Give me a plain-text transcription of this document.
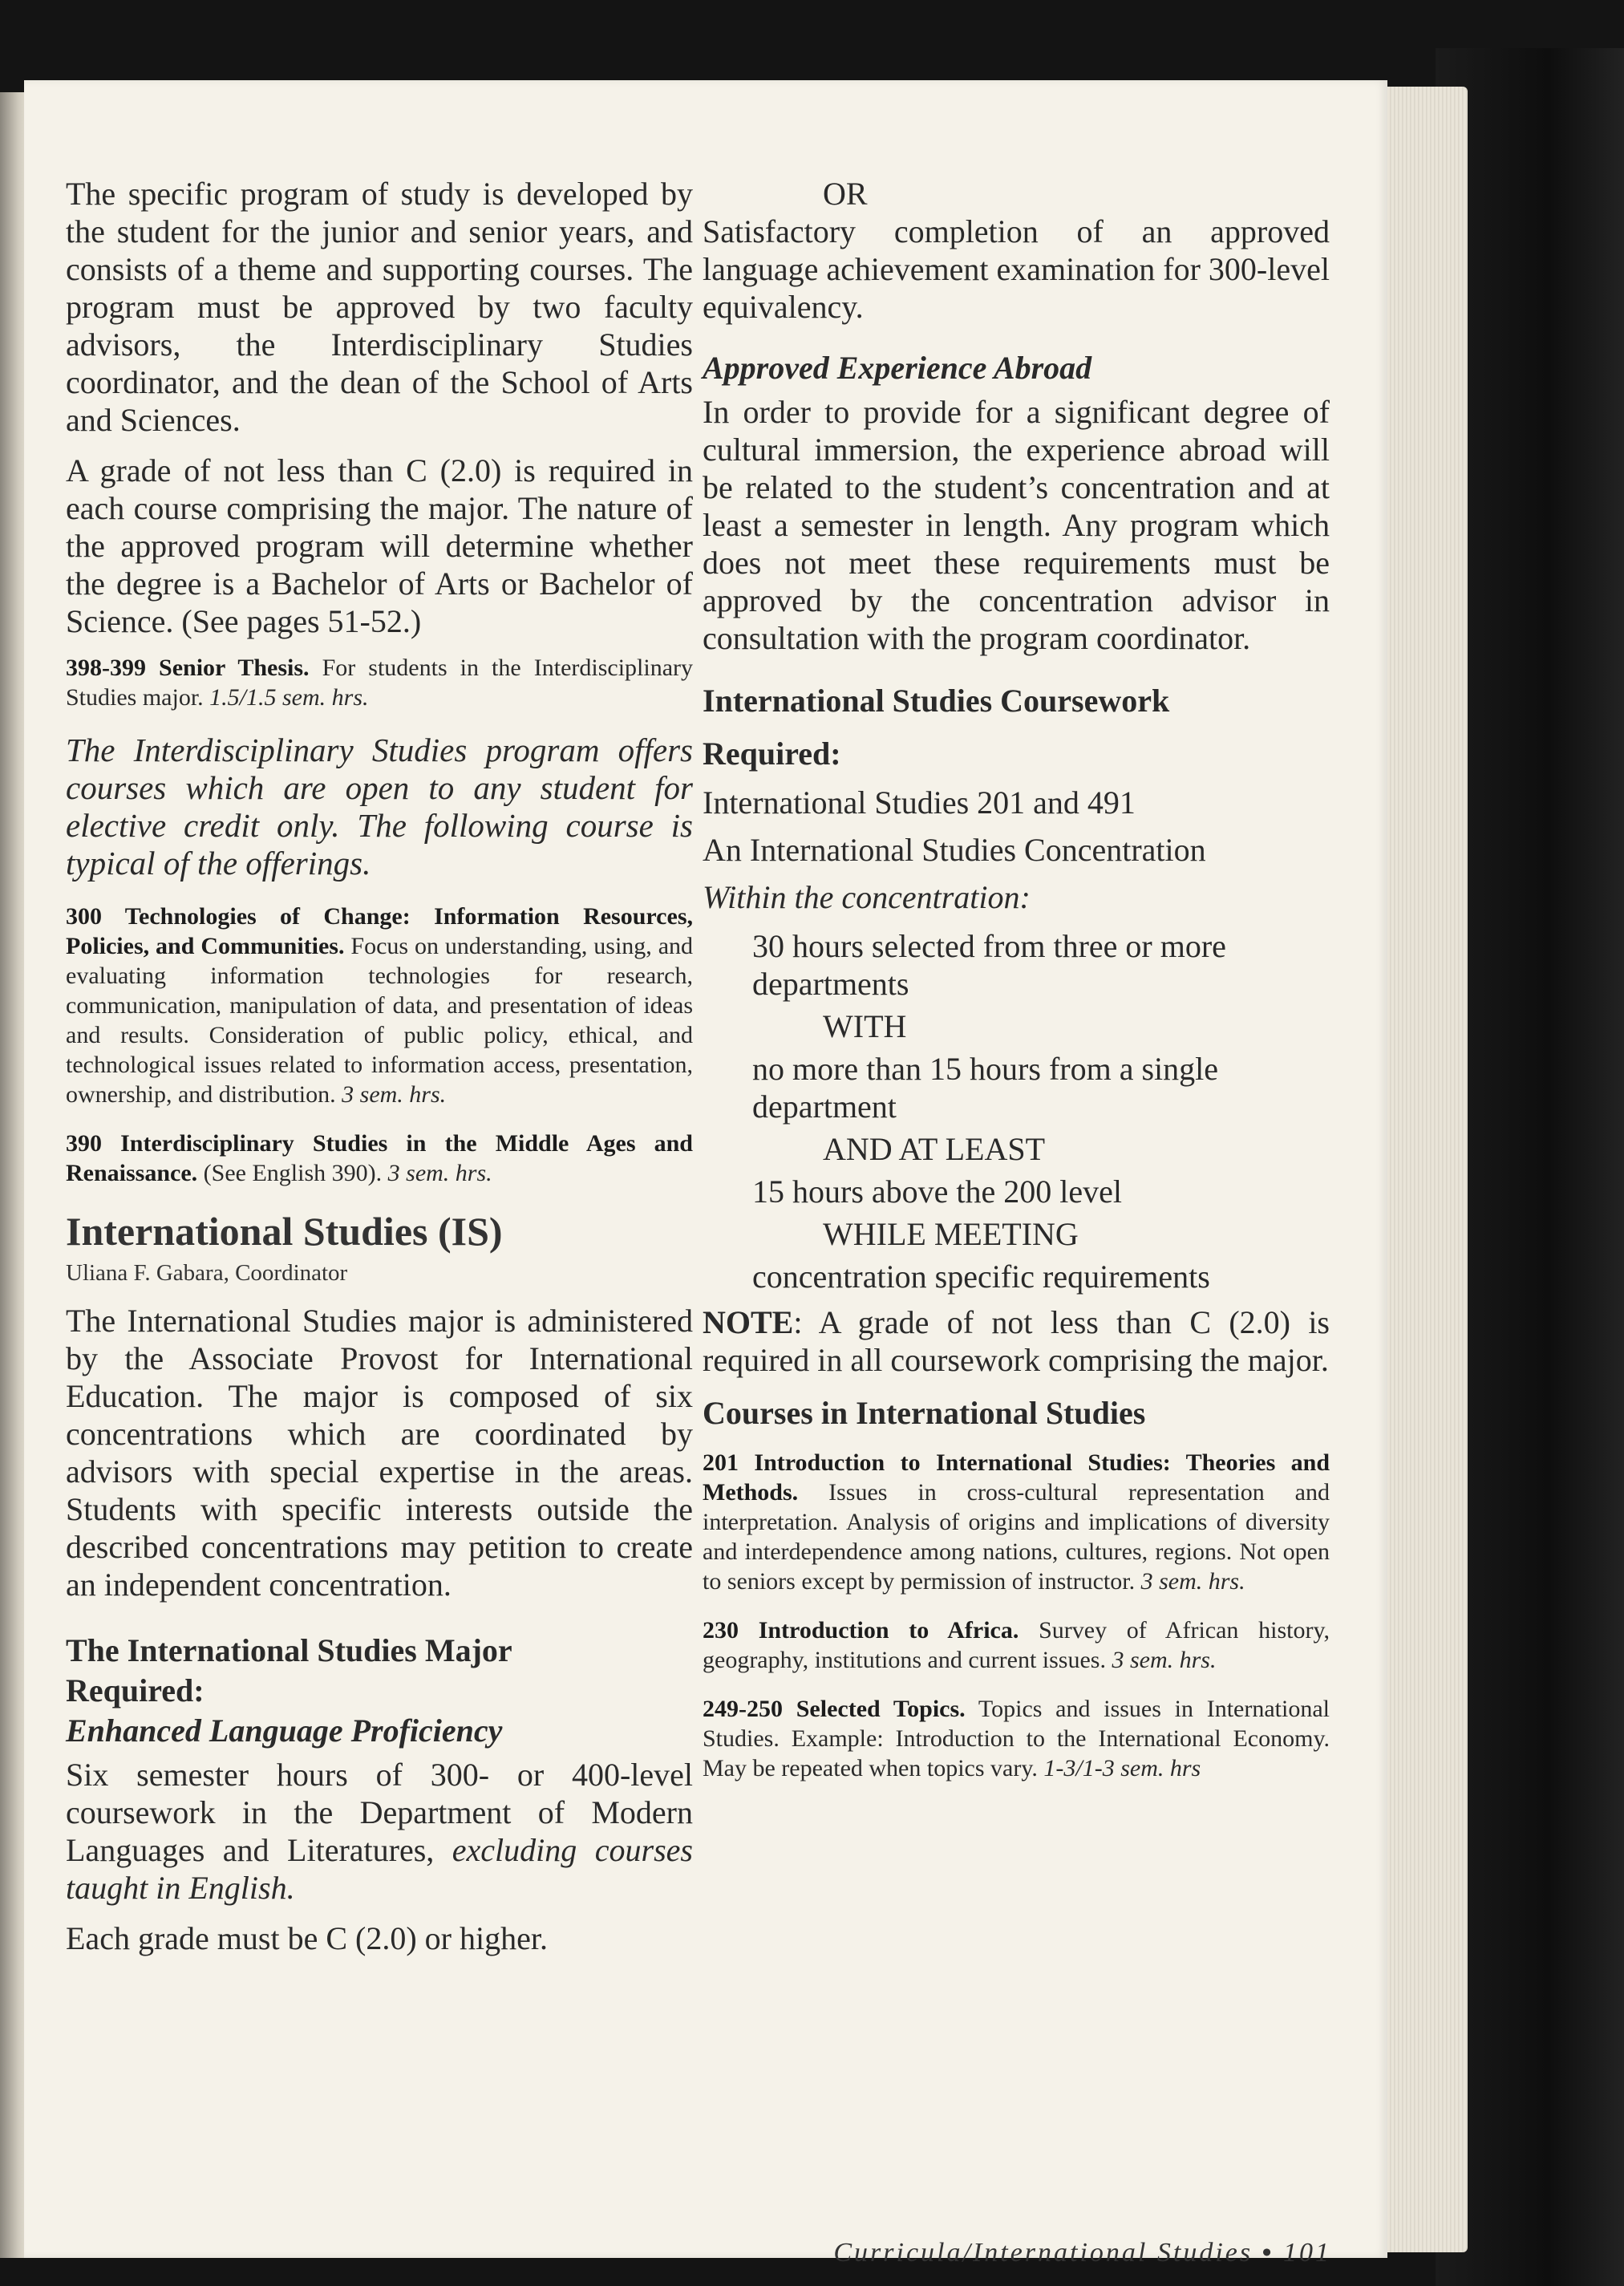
The specific program of study is developed by the student for the junior and senior years, and consists of a theme and supporting courses. The program must be approved by two faculty advisors, the Interdisciplinary Studies coordinator, and the dean of the School of Arts and Sciences.

A grade of not less than C (2.0) is required in each course comprising the major. The nature of the approved program will determine whether the degree is a Bachelor of Arts or Bachelor of Science. (See pages 51-52.)

398-399 Senior Thesis. For students in the Interdisciplinary Studies major. 1.5/1.5 sem. hrs.

The Interdisciplinary Studies program offers courses which are open to any student for elective credit only. The following course is typical of the offerings.

300 Technologies of Change: Information Resources, Policies, and Communities. Focus on understanding, using, and evaluating information technologies for research, communication, manipulation of data, and presentation of ideas and results. Consideration of public policy, ethical, and technological issues related to information access, presentation, ownership, and distribution. 3 sem. hrs.

390 Interdisciplinary Studies in the Middle Ages and Renaissance. (See English 390). 3 sem. hrs.

International Studies (IS)
Uliana F. Gabara, Coordinator

The International Studies major is administered by the Associate Provost for International Education. The major is composed of six concentrations which are coordinated by advisors with special expertise in the areas. Students with specific interests outside the described concentrations may petition to create an independent concentration.

The International Studies Major
Required:
Enhanced Language Proficiency

Six semester hours of 300- or 400-level coursework in the Department of Modern Languages and Literatures, excluding courses taught in English.

Each grade must be C (2.0) or higher.

OR

Satisfactory completion of an approved language achievement examination for 300-level equivalency.

Approved Experience Abroad

In order to provide for a significant degree of cultural immersion, the experience abroad will be related to the student’s concentration and at least a semester in length. Any program which does not meet these requirements must be approved by the concentration advisor in consultation with the program coordinator.

International Studies Coursework
Required:

International Studies 201 and 491

An International Studies Concentration

Within the concentration:

30 hours selected from three or more departments

WITH

no more than 15 hours from a single department

AND AT LEAST

15 hours above the 200 level

WHILE MEETING

concentration specific requirements

NOTE: A grade of not less than C (2.0) is required in all coursework comprising the major.

Courses in International Studies

201 Introduction to International Studies: Theories and Methods. Issues in cross-cultural representation and interpretation. Analysis of origins and implications of diversity and interdependence among nations, cultures, regions. Not open to seniors except by permission of instructor. 3 sem. hrs.

230 Introduction to Africa. Survey of African history, geography, institutions and current issues. 3 sem. hrs.

249-250 Selected Topics. Topics and issues in International Studies. Example: Introduction to the International Economy. May be repeated when topics vary. 1-3/1-3 sem. hrs

Curricula/International Studies • 101
